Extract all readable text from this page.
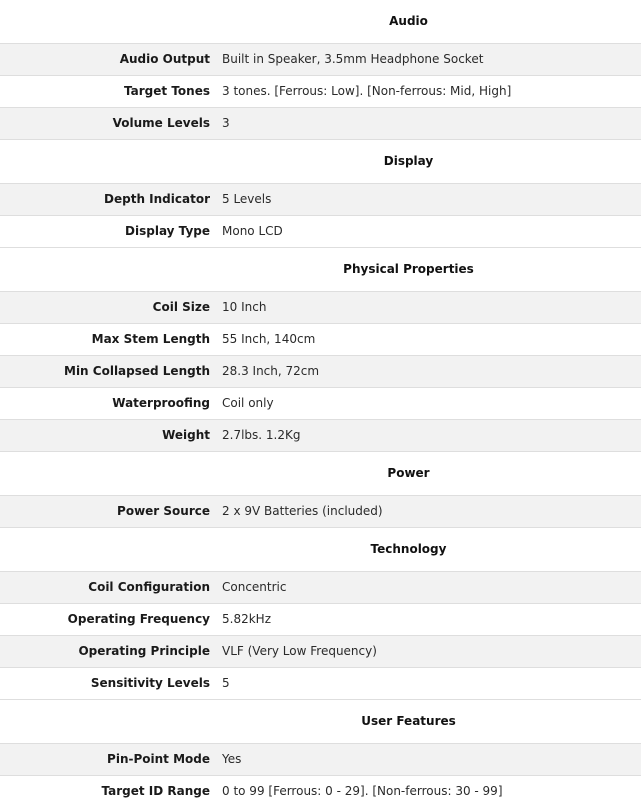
Audio	
Audio Output	Built in Speaker, 3.5mm Headphone Socket
Target Tones	3 tones. [Ferrous: Low]. [Non-ferrous: Mid, High]
Volume Levels	3
Display	
Depth Indicator	5 Levels
Display Type	Mono LCD
Physical Properties	
Coil Size	10 Inch
Max Stem Length	55 Inch, 140cm
Min Collapsed Length	28.3 Inch, 72cm
Waterproofing	Coil only
Weight	2.7lbs. 1.2Kg
Power	
Power Source	2 x 9V Batteries (included)
Technology	
Coil Configuration	Concentric
Operating Frequency	5.82kHz
Operating Principle	VLF (Very Low Frequency)
Sensitivity Levels	5
User Features	
Pin-Point Mode	Yes
Target ID Range	0 to 99 [Ferrous: 0 - 29]. [Non-ferrous: 30 - 99]
